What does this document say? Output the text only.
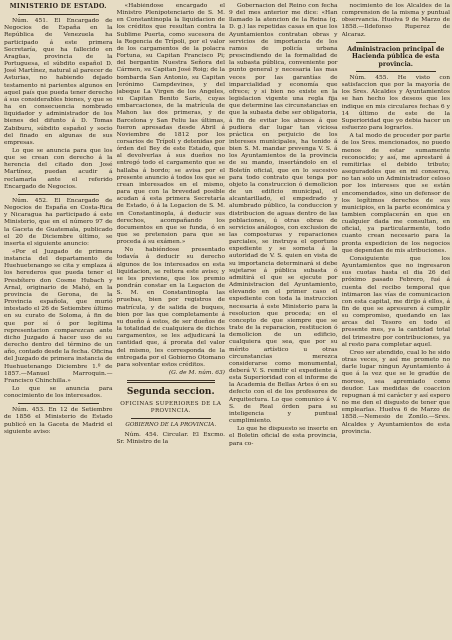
MINISTERIO DE ESTADO.

Núm. 451. El Encargado de Negocios de España en la República de Venezuela ha participado á este primera Secretaría, que ha fallecido en Aragüas, provincia de la Portuguesa, el súbdito español D. José Martínez, natural al parecer de Asturias, no habiendo dejado testamento ni parientes algunos en aquel país que pueda tener derecho á sus considerables bienes, y que se ha en consecuencia nombrado liquidador y administrador de los bienes del difunto á D. Tomas Zabiburu, súbdito español y socio del finado en algunas de sus empresas.

Lo que se anuncia para que los que se crean con derecho á la herencia del citado don José Martínez, puedan acudir á reclamarla ante el referido Encargado de Negocios.

Núm. 452. El Encargado de Negocios de España en Costa-Rica y Nicaragua ha participado á este Ministerio, que en el número 97 de la Gaceta de Guatemala, publicado el 20 de Diciembre último, se inserta el siguiente anuncio:

«Por el Juzgado de primera instancia del departamento de Huehuetenango se cita y emplaza á los herederos que pueda tener el Presbítero don Cosme Hubach y Arnal, originario de Mahó, en la provincia de Gerona, de la Provincia española, que murió intestado el 26 de Setiembre último en su curato de Soloma, á fin de que por sí ó por legítima representacion comparezcan ante dicho Juzgado á hacer uso de su derecho dentro del término de un año, contado desde la fecha. Oficina del Juzgado de primera instancia de Huehuetenango Diciembre 1.º de 1857.—Manuel Marroquin.—Francisco Chinchilla.»

Lo que se anuncia para conocimiento de los interesados.

Núm. 453. En 12 de Setiembre de 1856 el Ministerio de Estado publicó en la Gaceta de Madrid el siguiente aviso:

«Habiéndose encargado el Ministro Plenipotenciario de S. M. en Constantinopla la liquidacion de los créditos que resultan contra la Sublime Puerta, como sucesora de la Regencia de Trípoli, por el valor de los cargamentos de la polacra Fortuna, su Capitan Francisco Pi; del bergantin Nuestra Señora del Cármen, su Capitan José Roig; de la bombarda San Antonio, su Capitan Jerónimo Campdevines, y del jabeque La Virgen de los Angeles, su Capitan Benito Saris, cuyas embarcaciones, de la matrícula de Mahon las dos primeras, y de Barcelona y San Feliu las últimas, fueron apresadas desde Abril á Noviembre de 1812 por los corsarios de Trípoli y detenidas por órden del Bey de este Estado, que al devolverlas á sus dueños no entregó todo el cargamento que se hallaba á bordo; se avisa por el presente anuncio á todos los que se crean interesados en el mismo, para que con la brevedad posible acudan á esta primera Secretaría de Estado, ó á la Legacion de S. M. en Constantinopla, á deducir sus derechos, acompañando los documentos en que se funda, ó en que se pretension para que se proceda á su exámen.»

No habiéndose presentado todavía á deducir su derecho algunos de los interesados en esta liquidacion, se reitera este aviso; y se les previene, que los premio pondrán constar en la Legacion de S. M. en Constantinopla las pruebas, bien por registros de matrícula, y de salida de buques, bien por las que completamente á su dueño á estos, de ser dueños de la totalidad de cualquiera de dichos cargamentos, se les adjudicará la cantidad que, á prorata del valor del mismo, les corresponda de la entregada por el Gobierno Otomano para solventar estos créditos.

(G. de M. núm. 63)
Segunda seccion.
OFICINAS SUPERIORES DE LA PROVINCIA.
GOBIERNO DE LA PROVINCIA.

Núm. 454. Circular. El Excmo. Sr. Ministro de la

Gobernacion del Reino con fecha 9 del mes anterior me dice: «Han llamado la atencion de la Reina (q. D. g.) las repetidas casas en que los Ayuntamientos contratan obras y servicios de importancia de los ramos de policía urbana prescindiendo de la formalidad de la subasta pública, conveniente por punto general y necesaria las mas veces por las garantías de imparcialidad y economía que ofrece; y si bien no existe en la legislacion vigente una regla fija que determine las circunstancias en que la subasta debe ser obligatoria, á fin de evitar los abusos á que pudiera dar lugar tan viciosa práctica en perjuicio de los intereses municipales, ha tenido á bien S. M. mandar prevenga V. S. á los Ayuntamientos de la provincia de su mando, insertándolo en el Boletín oficial, que en lo sucesivo para todo contrato que tenga por objeto la construccion ó demolicion de un edificio municipal, el alcantarillado, el empedrado y alumbrado público, la conduccion y distribucion de aguas dentro de las poblaciones, ú otras obras de servicios análogos, con exclusion de las composturas y reparaciones parciales, se instruya el oportuno expediente y se someta á la autoridad de V. S. quien en vista de su importancia determinará si debe sujetarse á pública subasta ó admitirá el que se ejecute por Administracion del Ayuntamiento, elevando en el primer caso el expediente con toda la instruccion necesaria á este Ministerio para la resolucion que proceda; en el concepto de que siempre que se trate de la reparacion, restitucion ó demolicion de un edificio, cualquiera que sea, que por su mérito artístico u otras circunstancias merezca considerarse como monumental, deberá V. S. remitir el expediente á esta Superioridad con el informe de la Academia de Bellas Artes ó en su defecto con el de los profesores de Arquitectura. Lo que comunico á V. S. de Real órden para su inteligencia y puntual cumplimiento.

Lo que he dispuesto se inserte en el Boletin oficial de esta provincia, para co-

nocimiento de los Alcaldes de la comprension de la misma y puntual observancia. Huelva 9 de Marzo de 1858.—Ildefonso Ruperez de Alcaraz.

Administracion principal de Hacienda pública de esta provincia.

Núm. 455. He visto con satisfaccion que por la mayoría de los Sres. Alcaldes y Ayuntamientos se han hecho los deseos que les indique en mis circulares fechas 6 y 14 último de este de la Superioridad que yo debia hacer un esfuerzo para lograrlos.

A tal modo de proceder por parte de los Sres. mencionados, no puedo menos de estar sumamente reconocido; y así, me aprestaré á remitirlas el debido tributo; aseguradoles que en mi conserva, no tan solo un Administrador celoso por los intereses que se están encomendados, sino un defensor de los legítimos derechos de sus municipios, en la parte económica y tambien complacerán en que en cualquier dada me consultan, en oficial, ya particularmente, todo cuanto crean necesario para la pronta expedicion de los negocios que dependan de mis atribuciones.

Consiguiente que los Ayuntamientos que no ingresaron sus cuotas hasta el dia 26 del próximo pasado Febrero, fué á cuenta del recibo temporal que intimaron las vías de comunicacion con esta capital, me dirijo á ellos, á fin de que se apresuren á cumplir su compromiso, quedando en las arcas del Tesoro en todo el presente mes, ya la cantidad total del trimestre por contribuciones, ya al resto para completar aquel.

Creo ser atendido, cual lo he sido otras veces, y así me prometo no darle lugar ningun Ayuntamiento á que á la vez que se le gradúe de moroso, sea apremiado como deudor. Las medidas de coaccion repugnan á mi carácter y así espero no me den el disgusto de tener que emplearlas. Huelva 6 de Marzo de 1858.—Nemesio de Zonilo.—Sres. Alcaldes y Ayuntamientos de esta provincia.
